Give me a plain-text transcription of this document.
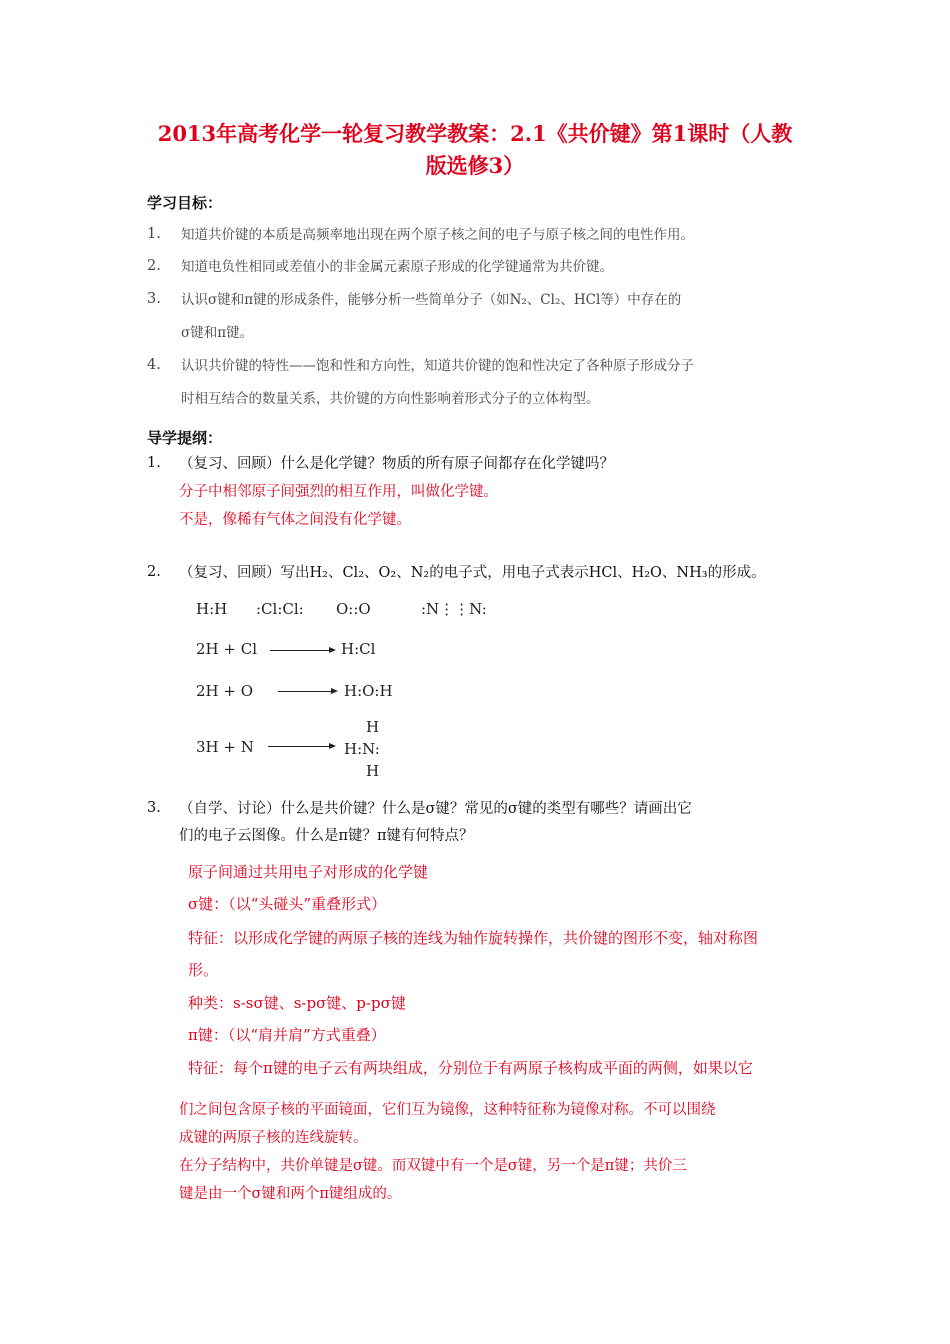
2013年高考化学一轮复习教学教案：2.1《共价键》第1课时（人教
版选修3）
学习目标：
1. 知道共价键的本质是高频率地出现在两个原子核之间的电子与原子核之间的电性作用。
2. 知道电负性相同或差值小的非金属元素原子形成的化学键通常为共价键。
3. 认识σ键和π键的形成条件，能够分析一些简单分子（如N₂、Cl₂、HCl等）中存在的
σ键和π键。
4. 认识共价键的特性——饱和性和方向性，知道共价键的饱和性决定了各种原子形成分子
时相互结合的数量关系，共价键的方向性影响着形式分子的立体构型。
导学提纲：
1. （复习、回顾）什么是化学键？物质的所有原子间都存在化学键吗？
分子中相邻原子间强烈的相互作用，叫做化学键。
不是，像稀有气体之间没有化学键。
2. （复习、回顾）写出H₂、Cl₂、O₂、N₂的电子式，用电子式表示HCl、H₂O、NH₃的形成。
H:H :Cl:Cl: O::O	:N⋮⋮N:
2H + Cl	H:Cl
2H + O	H:O:H
3H + N
H
H:N:
H
3. （自学、讨论）什么是共价键？什么是σ键？常见的σ键的类型有哪些？请画出它
们的电子云图像。什么是π键？π键有何特点？
原子间通过共用电子对形成的化学键
σ键：（以“头碰头”重叠形式）
特征：以形成化学键的两原子核的连线为轴作旋转操作，共价键的图形不变，轴对称图
形。
种类：s-sσ键、s-pσ键、p-pσ键
π键：（以“肩并肩”方式重叠）
特征：每个π键的电子云有两块组成，分别位于有两原子核构成平面的两侧，如果以它
们之间包含原子核的平面镜面，它们互为镜像，这种特征称为镜像对称。不可以围绕
成键的两原子核的连线旋转。
在分子结构中，共价单键是σ键。而双键中有一个是σ键，另一个是π键；共价三
键是由一个σ键和两个π键组成的。
